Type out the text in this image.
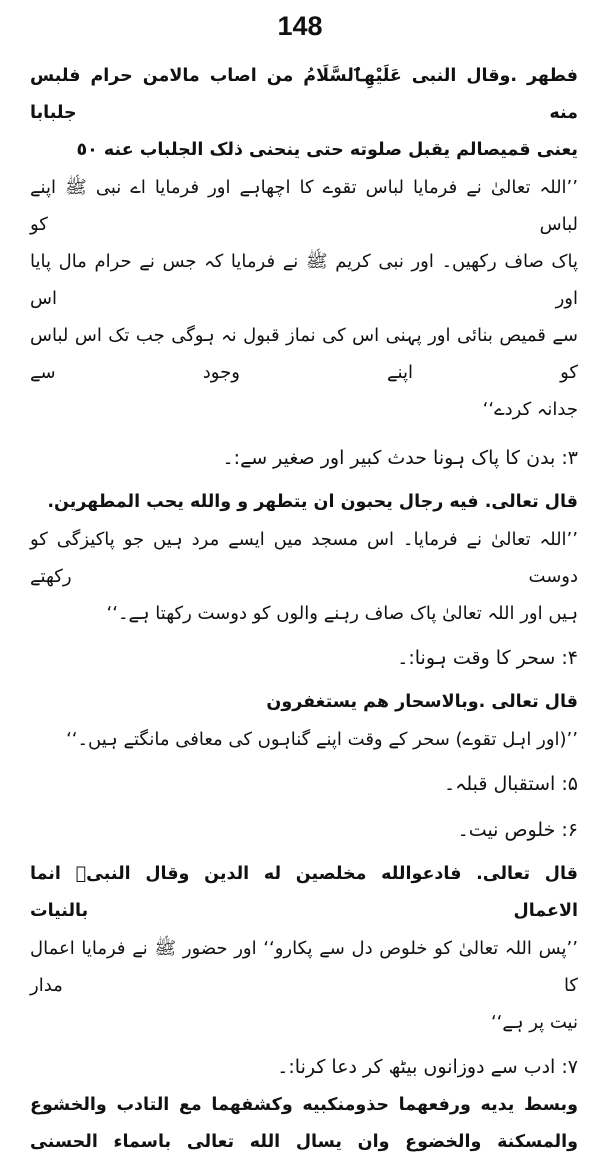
148
فطهر .وقال النبى عَلَيْهِ‏ٱلسَّلَامُ من اصاب مالامن حرام فلبس منه جلبابا
يعنى قميصالم يقبل صلوته حتى ينحنى ذلک الجلباب عنه ٥٠
’’اللہ تعالیٰ نے فرمایا لباس تقوے کا اچھاہے اور فرمایا اے نبی ﷺ اپنے لباس کو
پاک صاف رکھیں۔ اور نبی کریم ﷺ نے فرمایا کہ جس نے حرام مال پایا اور اس
سے قمیص بنائی اور پہنی اس کی نماز قبول نہ ہوگی جب تک اس لباس کو اپنے وجود سے
جدانہ کردے‘‘
۳: بدن کا پاک ہونا حدث کبیر اور صغیر سے:۔
قال تعالى. فيه رجال يحبون ان يتطهر و والله يحب المطهرين.
’’اللہ تعالیٰ نے فرمایا۔ اس مسجد میں ایسے مرد ہیں جو پاکیزگی کو دوست رکھتے
ہیں اور اللہ تعالیٰ پاک صاف رہنے والوں کو دوست رکھتا ہے۔‘‘
۴: سحر کا وقت ہونا:۔
قال تعالى .وبالاسحار هم يستغفرون
’’(اور اہل تقوے) سحر کے وقت اپنے گناہوں کی معافی مانگتے ہیں۔‘‘
۵: استقبال قبلہ۔
۶: خلوص نیت۔
قال تعالى. فادعوالله مخلصين له الدين وقال النبىؐ انما الاعمال بالنيات
’’پس اللہ تعالیٰ کو خلوص دل سے پکارو‘‘ اور حضور ﷺ نے فرمایا اعمال کا مدار
نیت پر ہے‘‘
۷: ادب سے دوزانوں بیٹھ کر دعا کرنا:۔
وبسط يديه ورفعهما حذومنكبيه وكشفهما مع التادب والخشوع
والمسكنة والخضوع وان يسال الله تعالى باسماء الحسنى
